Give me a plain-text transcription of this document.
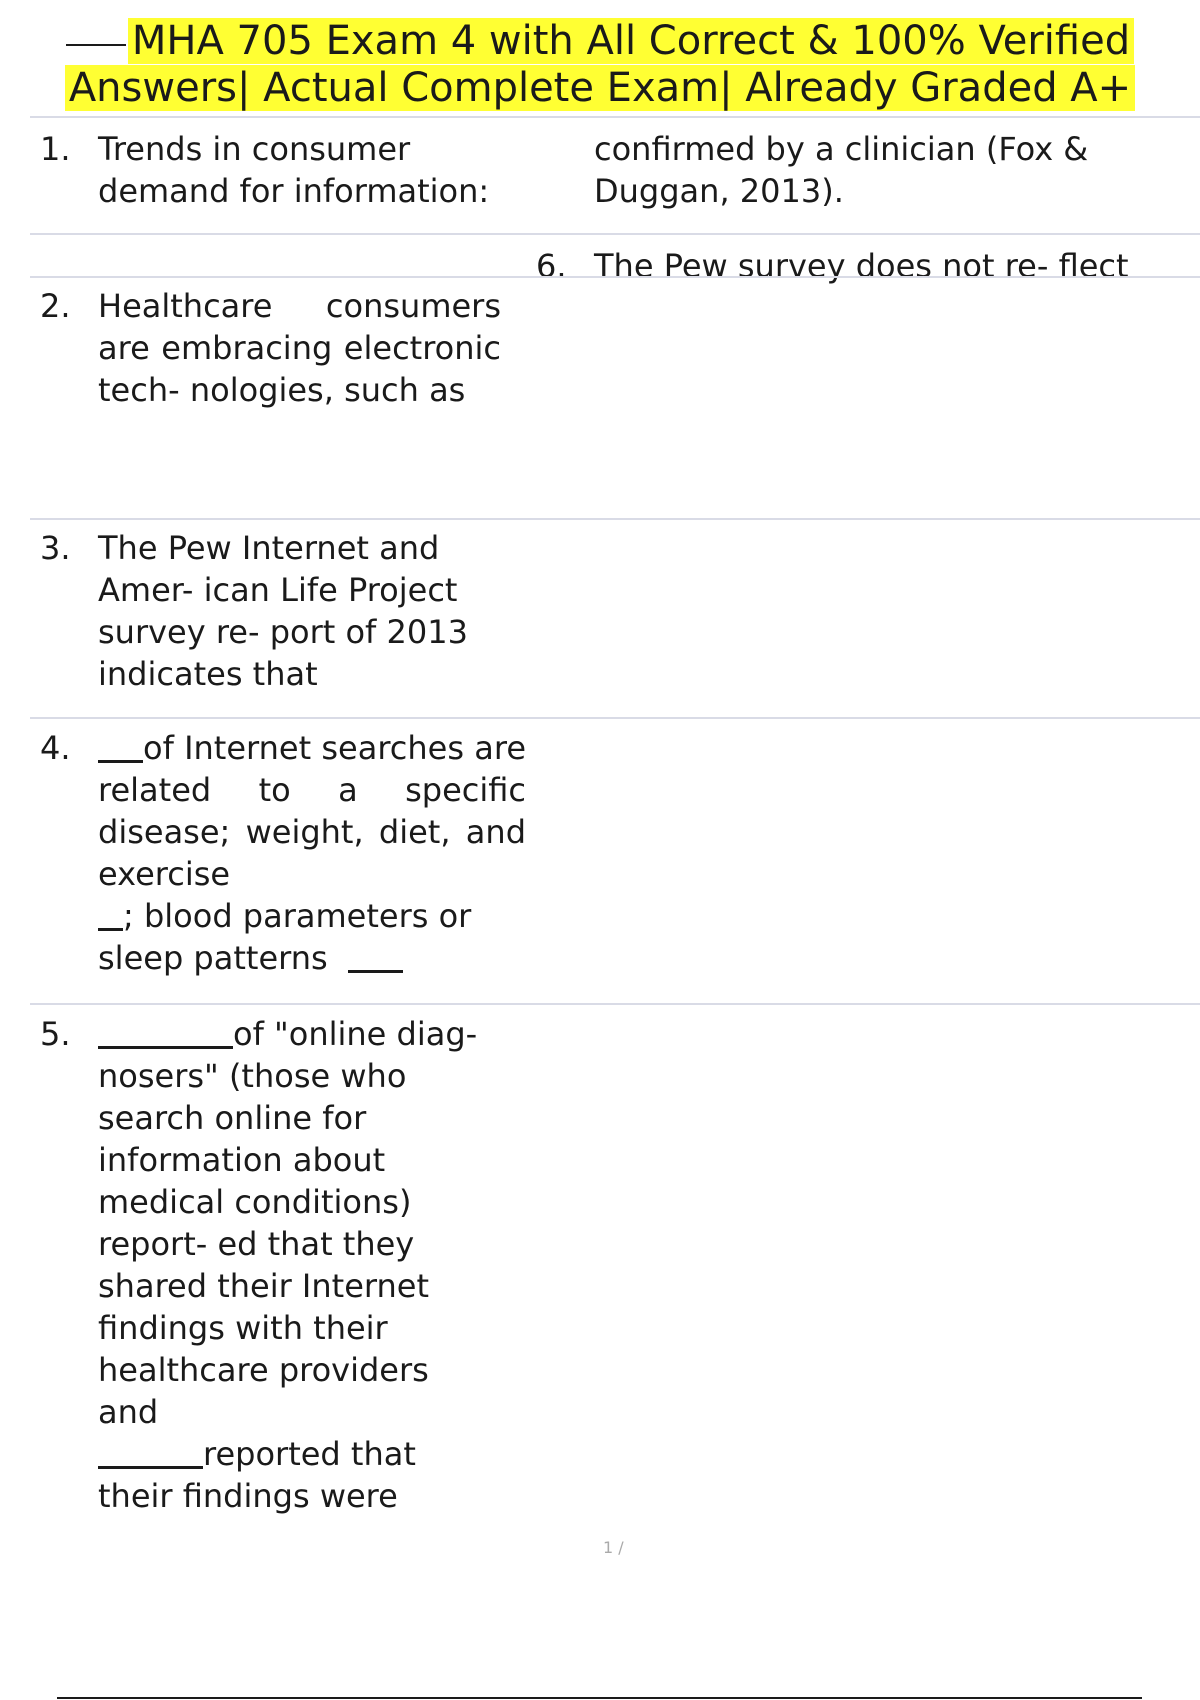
MHA 705 Exam 4 with All Correct & 100% Verified
Answers| Actual Complete Exam| Already Graded A+
1. Trends in consumer demand for information:
confirmed by a clinician (Fox &
Duggan, 2013).
6. The Pew survey does not re- flect
2. Healthcare consumers are embracing electronic tech- nologies, such as
3. The Pew Internet and Amer- ican Life Project survey re- port of 2013 indicates that
4.	of Internet searches are related to a specific disease; weight, diet, and exercise
; blood parameters or
sleep patterns
5.	of "online diag- nosers" (those who search online for information about medical conditions) report- ed that they shared their Internet findings with their healthcare providers and
reported that
their findings were
1 /
